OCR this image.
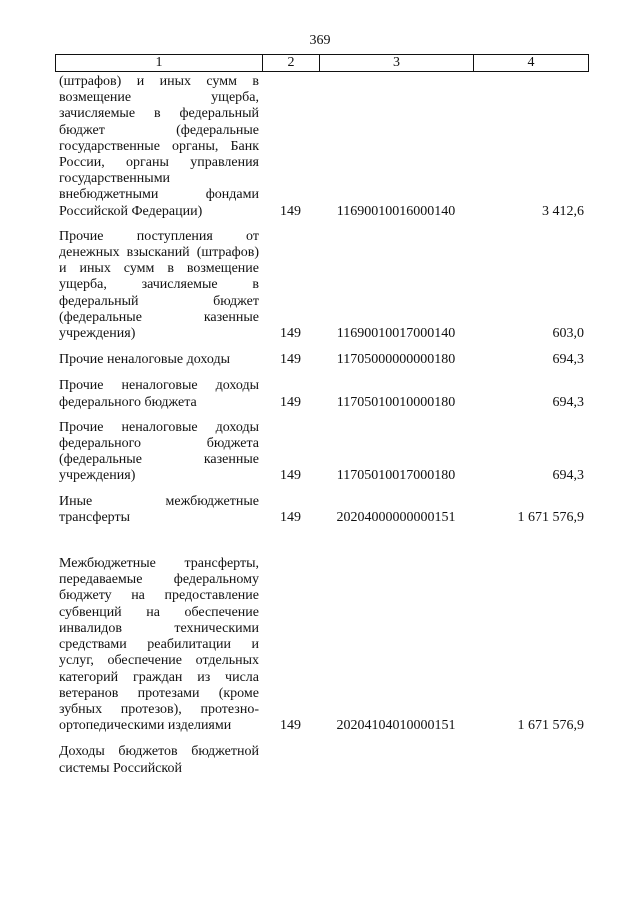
369
1	2	3	4
(штрафов) и иных сумм в возмещение ущерба, зачисляемые в федеральный бюджет (федеральные государственные органы, Банк России, органы управления государственными внебюджетными фондами Российской Федерации)	149	11690010016000140	3 412,6
Прочие поступления от денежных взысканий (штрафов) и иных сумм в возмещение ущерба, зачисляемые в федеральный бюджет (федеральные казенные учреждения)	149	11690010017000140	603,0
Прочие неналоговые доходы	149	11705000000000180	694,3
Прочие неналоговые доходы федерального бюджета	149	11705010010000180	694,3
Прочие неналоговые доходы федерального бюджета (федеральные казенные учреждения)	149	11705010017000180	694,3
Иные межбюджетные трансферты	149	20204000000000151	1 671 576,9
Межбюджетные трансферты, передаваемые федеральному бюджету на предоставление субвенций на обеспечение инвалидов техническими средствами реабилитации и услуг, обеспечение отдельных категорий граждан из числа ветеранов протезами (кроме зубных протезов), протезно-ортопедическими изделиями	149	20204104010000151	1 671 576,9
Доходы бюджетов бюджетной системы Российской
